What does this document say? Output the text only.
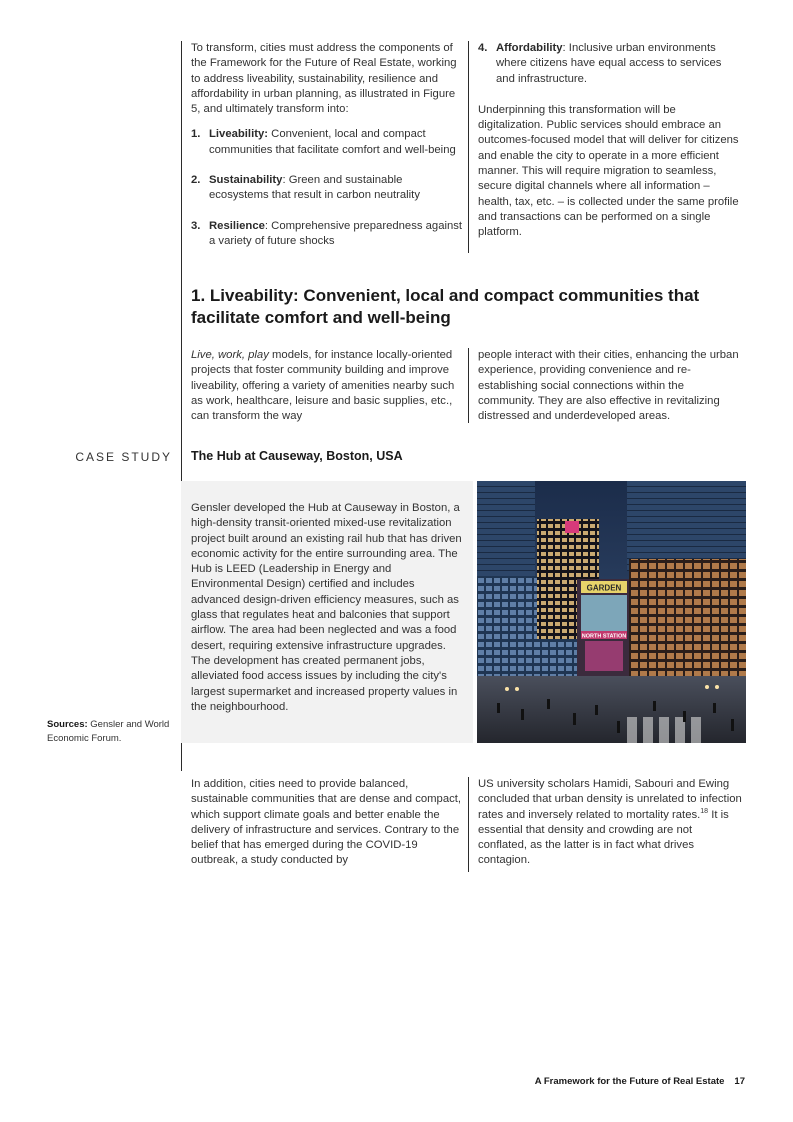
To transform, cities must address the components of the Framework for the Future of Real Estate, working to address liveability, sustainability, resilience and affordability in urban planning, as illustrated in Figure 5, and ultimately transform into:

1. Liveability: Convenient, local and compact communities that facilitate comfort and well-being
2. Sustainability: Green and sustainable ecosystems that result in carbon neutrality
3. Resilience: Comprehensive preparedness against a variety of future shocks
4. Affordability: Inclusive urban environments where citizens have equal access to services and infrastructure.

Underpinning this transformation will be digitalization. Public services should embrace an outcomes-focused model that will deliver for citizens and enable the city to operate in a more efficient manner. This will require migration to seamless, secure digital channels where all information – health, tax, etc. – is collected under the same profile and transactions can be performed on a single platform.

1. Liveability: Convenient, local and compact communities that facilitate comfort and well-being
Live, work, play models, for instance locally-oriented projects that foster community building and improve liveability, offering a variety of amenities nearby such as work, healthcare, leisure and basic supplies, etc., can transform the way
people interact with their cities, enhancing the urban experience, providing convenience and re-establishing social connections within the community. They are also effective in revitalizing distressed and underdeveloped areas.
CASE STUDY The Hub at Causeway, Boston, USA
Gensler developed the Hub at Causeway in Boston, a high-density transit-oriented mixed-use revitalization project built around an existing rail hub that has driven economic activity for the entire surrounding area. The Hub is LEED (Leadership in Energy and Environmental Design) certified and includes advanced design-driven efficiency measures, such as glass that regulates heat and balconies that support airflow. The area had been neglected and was a food desert, requiring extensive infrastructure upgrades. The development has created permanent jobs, alleviated food access issues by including the city's largest supermarket and increased property values in the neighbourhood.
GARDEN
NORTH STATION
Sources: Gensler and World Economic Forum.
In addition, cities need to provide balanced, sustainable communities that are dense and compact, which support climate goals and better enable the delivery of infrastructure and services. Contrary to the belief that has emerged during the COVID-19 outbreak, a study conducted by
US university scholars Hamidi, Sabouri and Ewing concluded that urban density is unrelated to infection rates and inversely related to mortality rates.$^{18}$ It is essential that density and crowding are not conflated, as the latter is in fact what drives contagion.
A Framework for the Future of Real Estate 17
